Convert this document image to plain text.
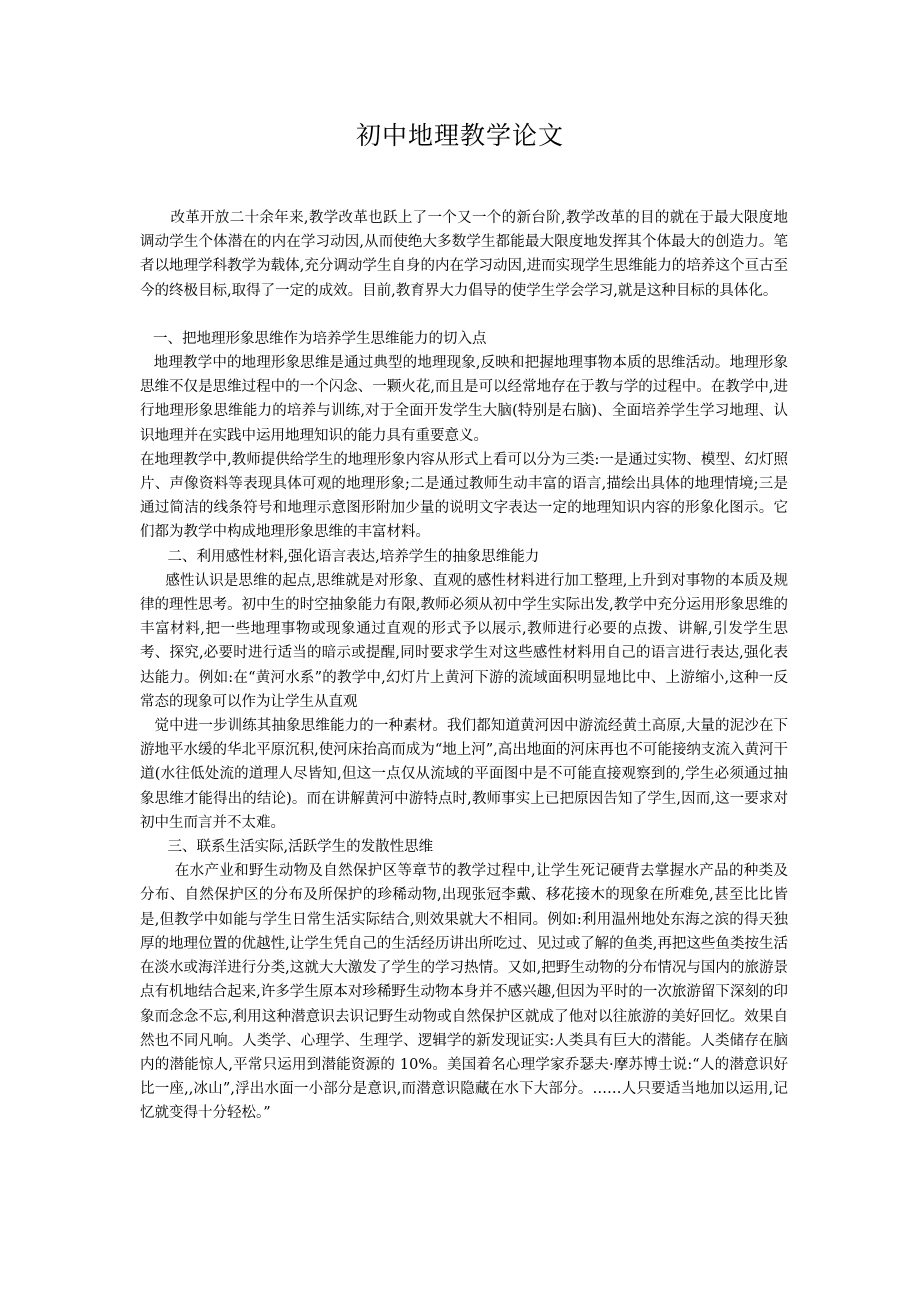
初中地理教学论文

改革开放二十余年来,教学改革也跃上了一个又一个的新台阶,教学改革的目的就在于最大限度地调动学生个体潜在的内在学习动因,从而使绝大多数学生都能最大限度地发挥其个体最大的创造力。笔者以地理学科教学为载体,充分调动学生自身的内在学习动因,进而实现学生思维能力的培养这个亘古至今的终极目标,取得了一定的成效。目前,教育界大力倡导的使学生学会学习,就是这种目标的具体化。

一、把地理形象思维作为培养学生思维能力的切入点

地理教学中的地理形象思维是通过典型的地理现象,反映和把握地理事物本质的思维活动。地理形象思维不仅是思维过程中的一个闪念、一颗火花,而且是可以经常地存在于教与学的过程中。在教学中,进行地理形象思维能力的培养与训练,对于全面开发学生大脑(特别是右脑)、全面培养学生学习地理、认识地理并在实践中运用地理知识的能力具有重要意义。

在地理教学中,教师提供给学生的地理形象内容从形式上看可以分为三类:一是通过实物、模型、幻灯照片、声像资料等表现具体可观的地理形象;二是通过教师生动丰富的语言,描绘出具体的地理情境;三是通过简洁的线条符号和地理示意图形附加少量的说明文字表达一定的地理知识内容的形象化图示。它们都为教学中构成地理形象思维的丰富材料。

二、利用感性材料,强化语言表达,培养学生的抽象思维能力

感性认识是思维的起点,思维就是对形象、直观的感性材料进行加工整理,上升到对事物的本质及规律的理性思考。初中生的时空抽象能力有限,教师必须从初中学生实际出发,教学中充分运用形象思维的丰富材料,把一些地理事物或现象通过直观的形式予以展示,教师进行必要的点拨、讲解,引发学生思考、探究,必要时进行适当的暗示或提醒,同时要求学生对这些感性材料用自己的语言进行表达,强化表达能力。例如:在“黄河水系”的教学中,幻灯片上黄河下游的流域面积明显地比中、上游缩小,这种一反常态的现象可以作为让学生从直观

觉中进一步训练其抽象思维能力的一种素材。我们都知道黄河因中游流经黄土高原,大量的泥沙在下游地平水缓的华北平原沉积,使河床抬高而成为“地上河”,高出地面的河床再也不可能接纳支流入黄河干道(水往低处流的道理人尽皆知,但这一点仅从流域的平面图中是不可能直接观察到的,学生必须通过抽象思维才能得出的结论)。而在讲解黄河中游特点时,教师事实上已把原因告知了学生,因而,这一要求对初中生而言并不太难。

三、联系生活实际,活跃学生的发散性思维

在水产业和野生动物及自然保护区等章节的教学过程中,让学生死记硬背去掌握水产品的种类及分布、自然保护区的分布及所保护的珍稀动物,出现张冠李戴、移花接木的现象在所难免,甚至比比皆是,但教学中如能与学生日常生活实际结合,则效果就大不相同。例如:利用温州地处东海之滨的得天独厚的地理位置的优越性,让学生凭自己的生活经历讲出所吃过、见过或了解的鱼类,再把这些鱼类按生活在淡水或海洋进行分类,这就大大激发了学生的学习热情。又如,把野生动物的分布情况与国内的旅游景点有机地结合起来,许多学生原本对珍稀野生动物本身并不感兴趣,但因为平时的一次旅游留下深刻的印象而念念不忘,利用这种潜意识去识记野生动物或自然保护区就成了他对以往旅游的美好回忆。效果自然也不同凡响。人类学、心理学、生理学、逻辑学的新发现证实:人类具有巨大的潜能。人类储存在脑内的潜能惊人,平常只运用到潜能资源的 10%。美国着名心理学家乔瑟夫·摩苏博士说:“人的潜意识好比一座,,冰山”,浮出水面一小部分是意识,而潜意识隐藏在水下大部分。……人只要适当地加以运用,记忆就变得十分轻松。”
